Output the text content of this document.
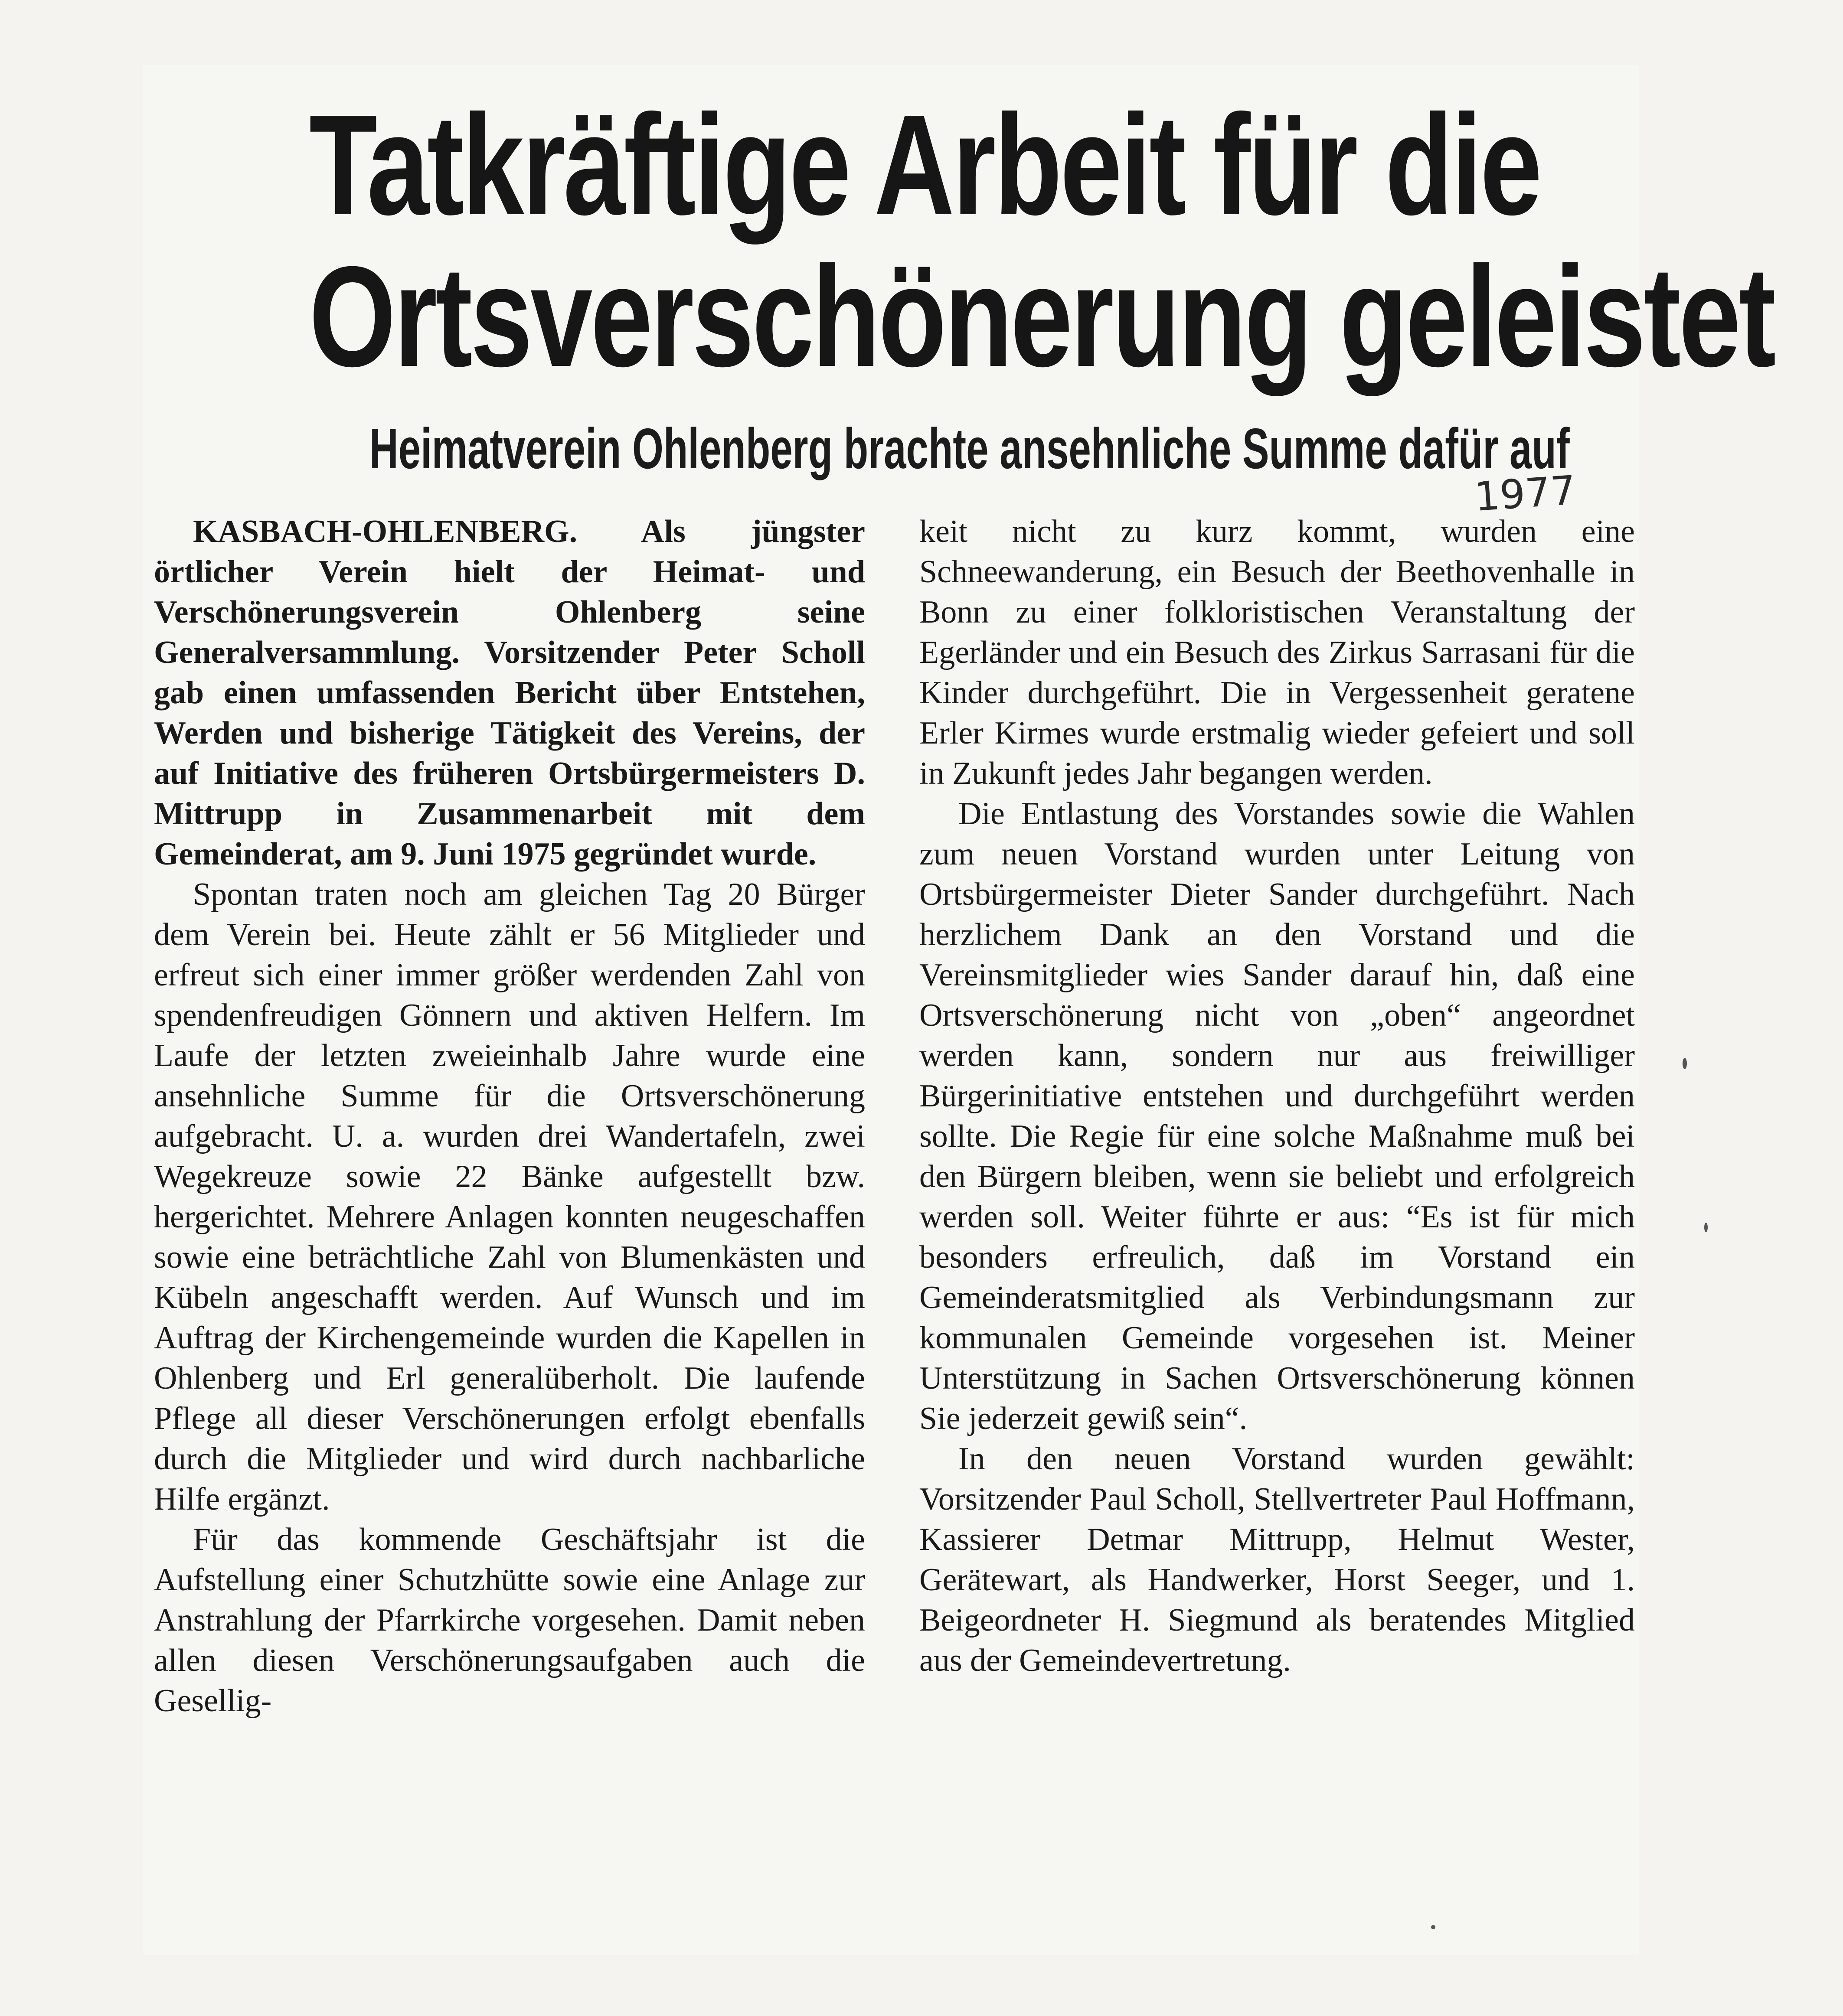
Tatkräftige Arbeit für die
Ortsverschönerung geleistet
Heimatverein Ohlenberg brachte ansehnliche Summe dafür auf
1977

KASBACH-OHLENBERG. Als jüngster örtlicher Verein hielt der Heimat- und Verschönerungsverein Ohlenberg seine Generalversammlung. Vorsitzender Peter Scholl gab einen umfassenden Bericht über Entstehen, Werden und bisherige Tätigkeit des Vereins, der auf Initiative des früheren Ortsbürgermeisters D. Mittrupp in Zusammenarbeit mit dem Gemeinderat, am 9. Juni 1975 gegründet wurde.

Spontan traten noch am gleichen Tag 20 Bürger dem Verein bei. Heute zählt er 56 Mitglieder und erfreut sich einer immer größer werdenden Zahl von spendenfreudigen Gönnern und aktiven Helfern. Im Laufe der letzten zweieinhalb Jahre wurde eine ansehnliche Summe für die Ortsverschönerung aufgebracht. U. a. wurden drei Wandertafeln, zwei Wegekreuze sowie 22 Bänke aufgestellt bzw. hergerichtet. Mehrere Anlagen konnten neugeschaffen sowie eine beträchtliche Zahl von Blumenkästen und Kübeln angeschafft werden. Auf Wunsch und im Auftrag der Kirchengemeinde wurden die Kapellen in Ohlenberg und Erl generalüberholt. Die laufende Pflege all dieser Verschönerungen erfolgt ebenfalls durch die Mitglieder und wird durch nachbarliche Hilfe ergänzt.

Für das kommende Geschäftsjahr ist die Aufstellung einer Schutzhütte sowie eine Anlage zur Anstrahlung der Pfarrkirche vorgesehen. Damit neben allen diesen Verschönerungsaufgaben auch die Gesellig-

keit nicht zu kurz kommt, wurden eine Schneewanderung, ein Besuch der Beethovenhalle in Bonn zu einer folkloristischen Veranstaltung der Egerländer und ein Besuch des Zirkus Sarrasani für die Kinder durchgeführt. Die in Vergessenheit geratene Erler Kirmes wurde erstmalig wieder gefeiert und soll in Zukunft jedes Jahr begangen werden.

Die Entlastung des Vorstandes sowie die Wahlen zum neuen Vorstand wurden unter Leitung von Ortsbürgermeister Dieter Sander durchgeführt. Nach herzlichem Dank an den Vorstand und die Vereinsmitglieder wies Sander darauf hin, daß eine Ortsverschönerung nicht von „oben“ angeordnet werden kann, sondern nur aus freiwilliger Bürgerinitiative entstehen und durchgeführt werden sollte. Die Regie für eine solche Maßnahme muß bei den Bürgern bleiben, wenn sie beliebt und erfolgreich werden soll. Weiter führte er aus: “Es ist für mich besonders erfreulich, daß im Vorstand ein Gemeinderatsmitglied als Verbindungsmann zur kommunalen Gemeinde vorgesehen ist. Meiner Unterstützung in Sachen Ortsverschönerung können Sie jederzeit gewiß sein“.

In den neuen Vorstand wurden gewählt: Vorsitzender Paul Scholl, Stellvertreter Paul Hoffmann, Kassierer Detmar Mittrupp, Helmut Wester, Gerätewart, als Handwerker, Horst Seeger, und 1. Beigeordneter H. Siegmund als beratendes Mitglied aus der Gemeindevertretung.
